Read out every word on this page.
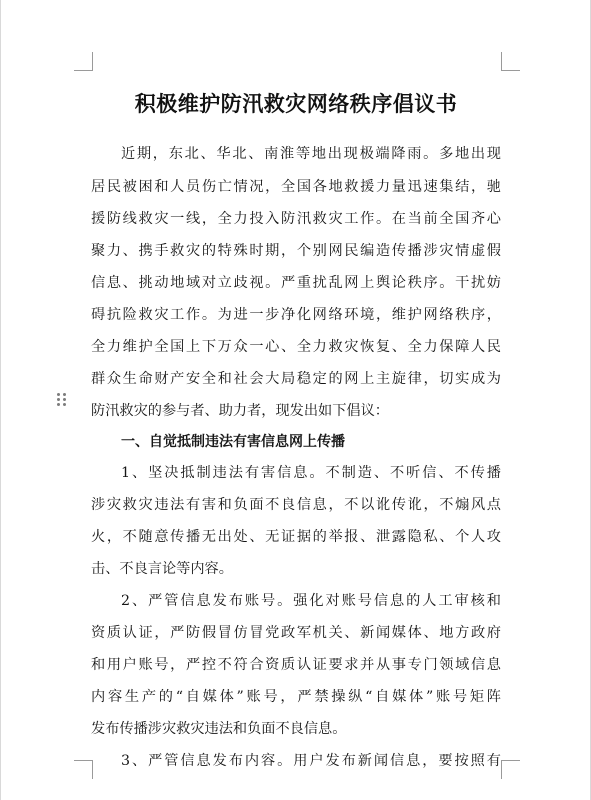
积极维护防汛救灾网络秩序倡议书
近期，东北、华北、南淮等地出现极端降雨。多地出现
居民被困和人员伤亡情况，全国各地救援力量迅速集结，驰
援防线救灾一线，全力投入防汛救灾工作。在当前全国齐心
聚力、携手救灾的特殊时期，个别网民编造传播涉灾情虚假
信息、挑动地域对立歧视。严重扰乱网上舆论秩序。干扰妨
碍抗险救灾工作。为进一步净化网络环境，维护网络秩序，
全力维护全国上下万众一心、全力救灾恢复、全力保障人民
群众生命财产安全和社会大局稳定的网上主旋律，切实成为
防汛救灾的参与者、助力者，现发出如下倡议：
一、自觉抵制违法有害信息网上传播
1、坚决抵制违法有害信息。不制造、不听信、不传播
涉灾救灾违法有害和负面不良信息，不以讹传讹，不煽风点
火，不随意传播无出处、无证据的举报、泄露隐私、个人攻
击、不良言论等内容。
2、严管信息发布账号。强化对账号信息的人工审核和
资质认证，严防假冒仿冒党政军机关、新闻媒体、地方政府
和用户账号，严控不符合资质认证要求并从事专门领域信息
内容生产的“自媒体”账号，严禁操纵“自媒体”账号矩阵
发布传播涉灾救灾违法和负面不良信息。
3、严管信息发布内容。用户发布新闻信息，要按照有
